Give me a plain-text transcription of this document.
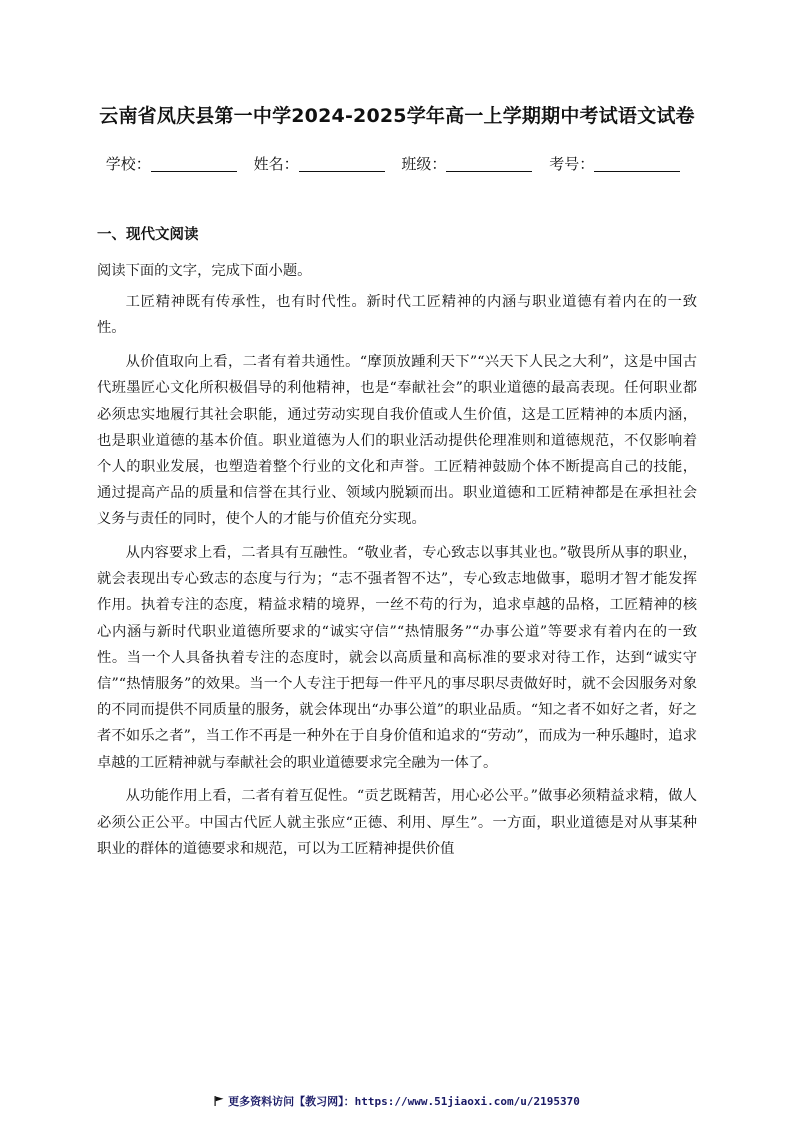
云南省凤庆县第一中学2024-2025学年高一上学期期中考试语文试卷
学校：	姓名：	班级：	考号：
一、现代文阅读

阅读下面的文字，完成下面小题。

工匠精神既有传承性，也有时代性。新时代工匠精神的内涵与职业道德有着内在的一致性。

从价值取向上看，二者有着共通性。“摩顶放踵利天下”“兴天下人民之大利”，这是中国古代班墨匠心文化所积极倡导的利他精神，也是“奉献社会”的职业道德的最高表现。任何职业都必须忠实地履行其社会职能，通过劳动实现自我价值或人生价值，这是工匠精神的本质内涵，也是职业道德的基本价值。职业道德为人们的职业活动提供伦理准则和道德规范，不仅影响着个人的职业发展，也塑造着整个行业的文化和声誉。工匠精神鼓励个体不断提高自己的技能，通过提高产品的质量和信誉在其行业、领域内脱颖而出。职业道德和工匠精神都是在承担社会义务与责任的同时，使个人的才能与价值充分实现。

从内容要求上看，二者具有互融性。“敬业者，专心致志以事其业也。”敬畏所从事的职业，就会表现出专心致志的态度与行为；“志不强者智不达”，专心致志地做事，聪明才智才能发挥作用。执着专注的态度，精益求精的境界，一丝不苟的行为，追求卓越的品格，工匠精神的核心内涵与新时代职业道德所要求的“诚实守信”“热情服务”“办事公道”等要求有着内在的一致性。当一个人具备执着专注的态度时，就会以高质量和高标准的要求对待工作，达到“诚实守信”“热情服务”的效果。当一个人专注于把每一件平凡的事尽职尽责做好时，就不会因服务对象的不同而提供不同质量的服务，就会体现出“办事公道”的职业品质。“知之者不如好之者，好之者不如乐之者”，当工作不再是一种外在于自身价值和追求的“劳动”，而成为一种乐趣时，追求卓越的工匠精神就与奉献社会的职业道德要求完全融为一体了。

从功能作用上看，二者有着互促性。“贡艺既精苦，用心必公平。”做事必须精益求精，做人必须公正公平。中国古代匠人就主张应“正德、利用、厚生”。一方面，职业道德是对从事某种职业的群体的道德要求和规范，可以为工匠精神提供价值

更多资料访问【教习网】：https://www.51jiaoxi.com/u/2195370
